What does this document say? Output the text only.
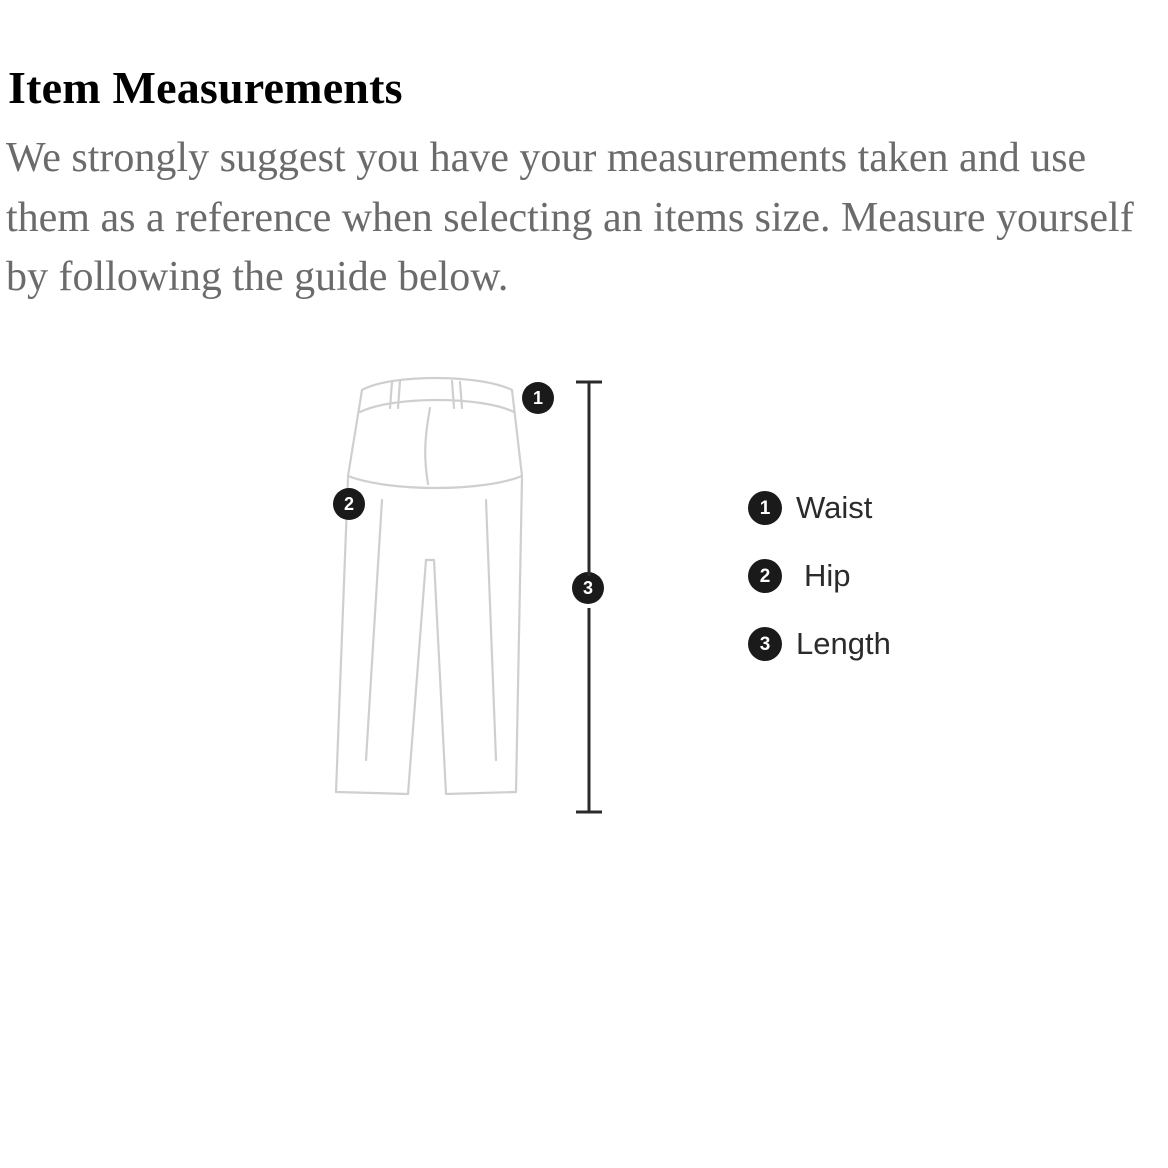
Item Measurements

We strongly suggest you have your measurements taken and use them as a reference when selecting an items size. Measure yourself by following the guide below.

1
2
3
1 Waist
2	Hip
3 Length
